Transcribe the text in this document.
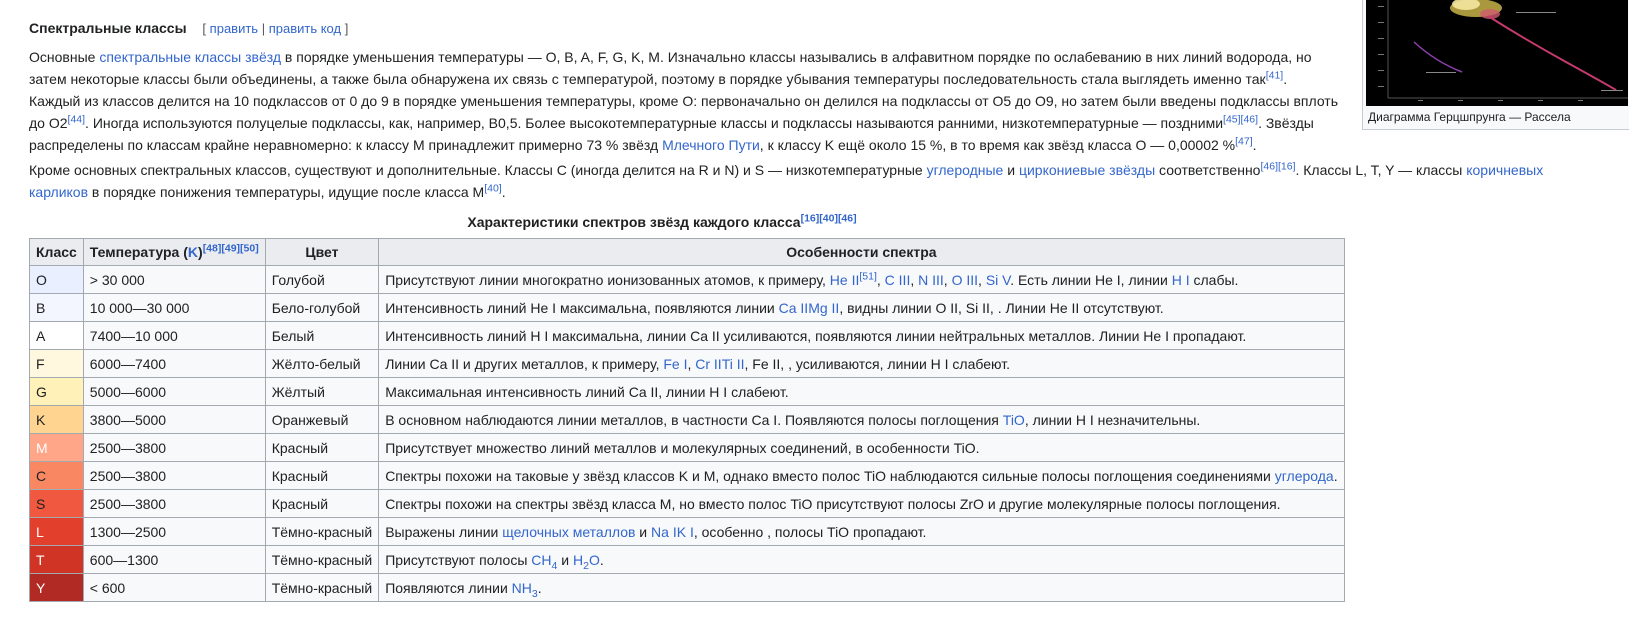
Спектральные классы [ править | править код ]
Основные спектральные классы звёзд в порядке уменьшения температуры — O, B, A, F, G, K, M. Изначально классы назывались в алфавитном порядке по ослабеванию в них линий водорода, но затем некоторые классы были объединены, а также была обнаружена их связь с температурой, поэтому в порядке убывания температуры последовательность стала выглядеть именно так[41]. Каждый из классов делится на 10 подклассов от 0 до 9 в порядке уменьшения температуры, кроме O: первоначально он делился на подклассы от O5 до O9, но затем были введены подклассы вплоть до O2[44]. Иногда используются полуцелые подклассы, как, например, B0,5. Более высокотемпературные классы и подклассы называются ранними, низкотемпературные — поздними[45][46]. Звёзды распределены по классам крайне неравномерно: к классу M принадлежит примерно 73 % звёзд Млечного Пути, к классу K ещё около 15 %, в то время как звёзд класса O — 0,00002 %[47].
Кроме основных спектральных классов, существуют и дополнительные. Классы C (иногда делится на R и N) и S — низкотемпературные углеродные и циркониевые звёзды соответственно[46][16]. Классы L, T, Y — классы коричневых карликов в порядке понижения температуры, идущие после класса M[40].
Диаграмма Герцшпрунга — Рассела
Характеристики спектров звёзд каждого класса[16][40][46]
Класс	Температура (K)[48][49][50]	Цвет	Особенности спектра
O	> 30 000	Голубой	Присутствуют линии многократно ионизованных атомов, к примеру, He II[51], C III, N III, O III, Si V. Есть линии He I, линии H I слабы.
B	10 000—30 000	Бело-голубой	Интенсивность линий He I максимальна, появляются линии Ca IIMg II, видны линии O II, Si II, . Линии He II отсутствуют.
A	7400—10 000	Белый	Интенсивность линий H I максимальна, линии Ca II усиливаются, появляются линии нейтральных металлов. Линии He I пропадают.
F	6000—7400	Жёлто-белый	Линии Ca II и других металлов, к примеру, Fe I, Cr IITi II, Fe II, , усиливаются, линии H I слабеют.
G	5000—6000	Жёлтый	Максимальная интенсивность линий Ca II, линии H I слабеют.
K	3800—5000	Оранжевый	В основном наблюдаются линии металлов, в частности Ca I. Появляются полосы поглощения TiO, линии H I незначительны.
M	2500—3800	Красный	Присутствует множество линий металлов и молекулярных соединений, в особенности TiO.
C	2500—3800	Красный	Спектры похожи на таковые у звёзд классов K и M, однако вместо полос TiO наблюдаются сильные полосы поглощения соединениями углерода.
S	2500—3800	Красный	Спектры похожи на спектры звёзд класса M, но вместо полос TiO присутствуют полосы ZrO и другие молекулярные полосы поглощения.
L	1300—2500	Тёмно-красный	Выражены линии щелочных металлов и Na IK I, особенно , полосы TiO пропадают.
T	600—1300	Тёмно-красный	Присутствуют полосы $CH_4$ и $H_2O$.
Y	< 600	Тёмно-красный	Появляются линии $NH_3$.
